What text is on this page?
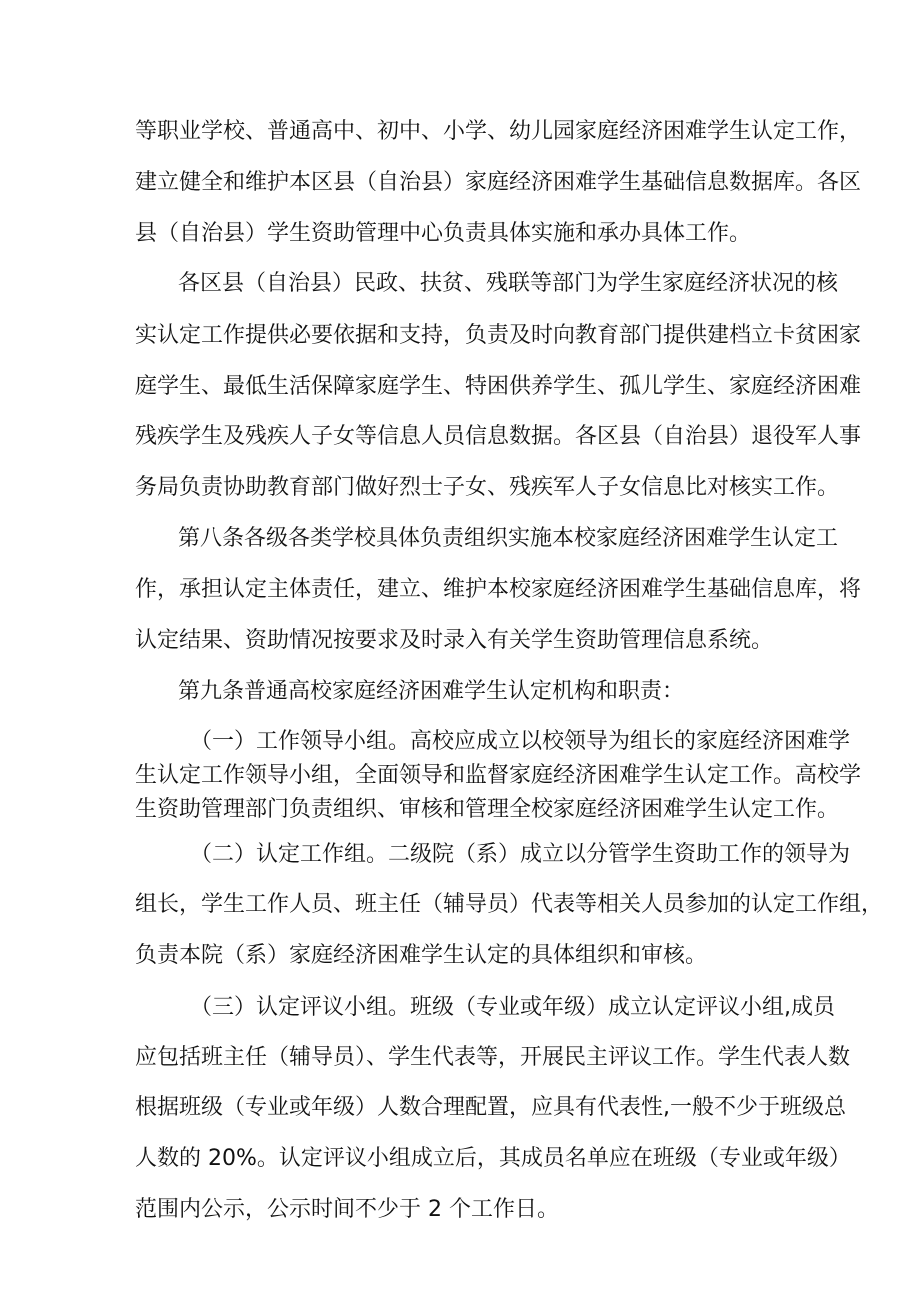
等职业学校、普通高中、初中、小学、幼儿园家庭经济困难学生认定工作，
建立健全和维护本区县（自治县）家庭经济困难学生基础信息数据库。各区
县（自治县）学生资助管理中心负责具体实施和承办具体工作。
各区县（自治县）民政、扶贫、残联等部门为学生家庭经济状况的核
实认定工作提供必要依据和支持，负责及时向教育部门提供建档立卡贫困家
庭学生、最低生活保障家庭学生、特困供养学生、孤儿学生、家庭经济困难
残疾学生及残疾人子女等信息人员信息数据。各区县（自治县）退役军人事
务局负责协助教育部门做好烈士子女、残疾军人子女信息比对核实工作。
第八条各级各类学校具体负责组织实施本校家庭经济困难学生认定工
作，承担认定主体责任，建立、维护本校家庭经济困难学生基础信息库，将
认定结果、资助情况按要求及时录入有关学生资助管理信息系统。
第九条普通高校家庭经济困难学生认定机构和职责：
（一）工作领导小组。高校应成立以校领导为组长的家庭经济困难学
生认定工作领导小组，全面领导和监督家庭经济困难学生认定工作。高校学
生资助管理部门负责组织、审核和管理全校家庭经济困难学生认定工作。
（二）认定工作组。二级院（系）成立以分管学生资助工作的领导为
组长，学生工作人员、班主任（辅导员）代表等相关人员参加的认定工作组，
负责本院（系）家庭经济困难学生认定的具体组织和审核。
（三）认定评议小组。班级（专业或年级）成立认定评议小组,成员
应包括班主任（辅导员）、学生代表等，开展民主评议工作。学生代表人数
根据班级（专业或年级）人数合理配置，应具有代表性,一般不少于班级总
人数的 20%。认定评议小组成立后，其成员名单应在班级（专业或年级）
范围内公示，公示时间不少于 2 个工作日。
